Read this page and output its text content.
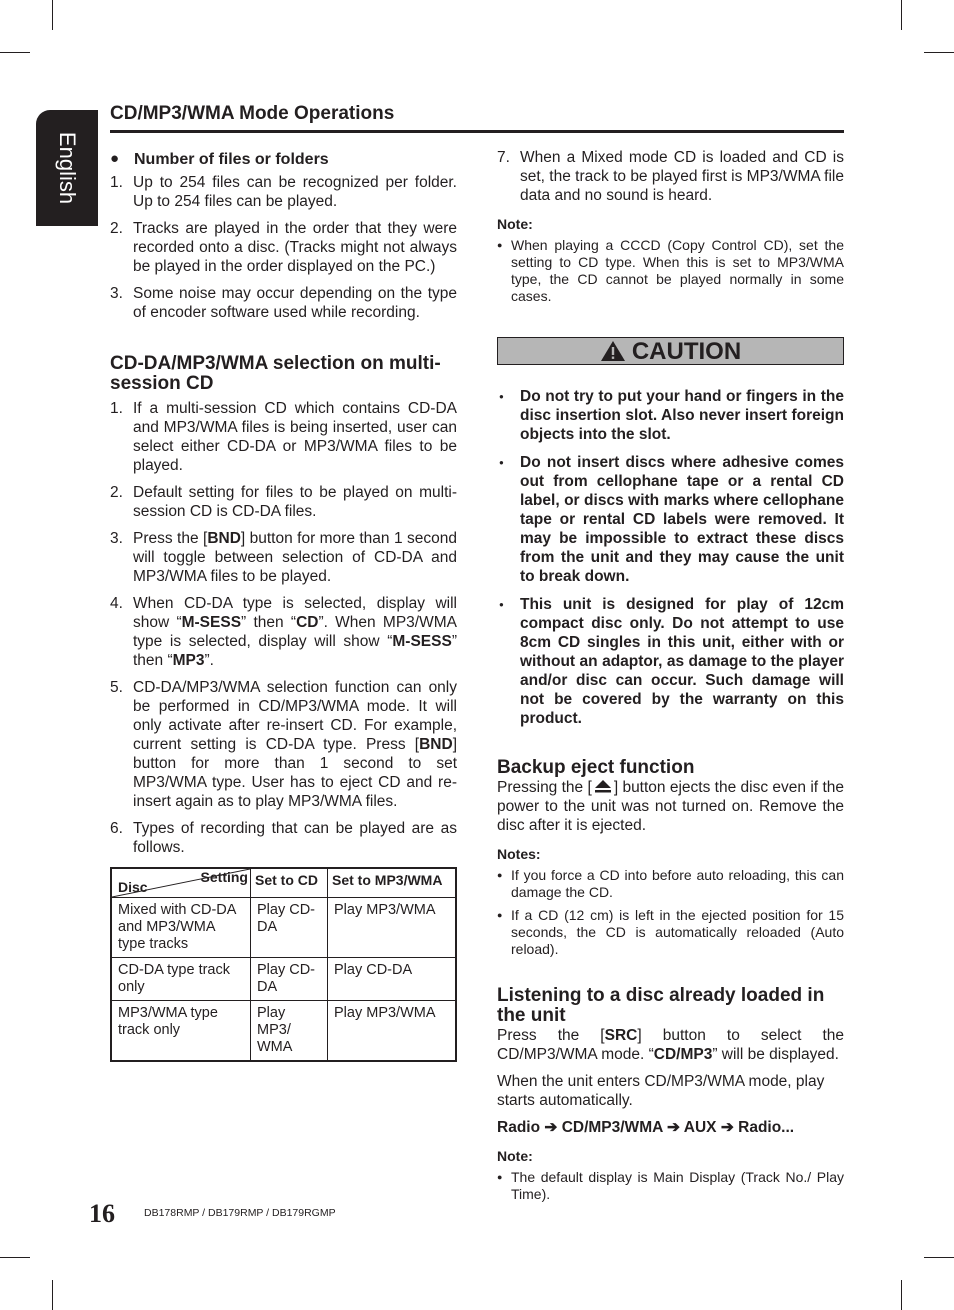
English
CD/MP3/WMA Mode Operations
● Number of files or folders
1. Up to 254 files can be recognized per folder. Up to 254 files can be played.
2. Tracks are played in the order that they were recorded onto a disc. (Tracks might not always be played in the order displayed on the PC.)
3. Some noise may occur depending on the type of encoder software used while recording.
CD-DA/MP3/WMA selection on multi-session CD
1. If a multi-session CD which contains CD-DA and MP3/WMA files is being inserted, user can select either CD-DA or MP3/WMA files to be played.
2. Default setting for files to be played on multi-session CD is CD-DA files.
3. Press the [BND] button for more than 1 second will toggle between selection of CD-DA and MP3/WMA files to be played.
4. When CD-DA type is selected, display will show “M-SESS” then “CD”. When MP3/WMA type is selected, display will show “M-SESS” then “MP3”.
5. CD-DA/MP3/WMA selection function can only be performed in CD/MP3/WMA mode. It will only activate after re-insert CD. For example, current setting is CD-DA type. Press [BND] button for more than 1 second to set MP3/WMA type. User has to eject CD and re-insert again as to play MP3/WMA files.
6. Types of recording that can be played are as follows.
Setting
Disc	Set to CD	Set to MP3/WMA
Mixed with CD-DA and MP3/WMA type tracks	Play CD-DA	Play MP3/WMA
CD-DA type track only	Play CD-DA	Play CD-DA
MP3/WMA type track only	Play MP3/ WMA	Play MP3/WMA
7. When a Mixed mode CD is loaded and CD is set, the track to be played first is MP3/WMA file data and no sound is heard.
Note:
● When playing a CCCD (Copy Control CD), set the setting to CD type. When this is set to MP3/WMA type, the CD cannot be played normally in some cases.
CAUTION
● Do not try to put your hand or fingers in the disc insertion slot. Also never insert foreign objects into the slot.
● Do not insert discs where adhesive comes out from cellophane tape or a rental CD label, or discs with marks where cellophane tape or rental CD labels were removed. It may be impossible to extract these discs from the unit and they may cause the unit to break down.
● This unit is designed for play of 12cm compact disc only. Do not attempt to use 8cm CD singles in this unit, either with or without an adaptor, as damage to the player and/or disc can occur. Such damage will not be covered by the warranty on this product.
Backup eject function
Pressing the [ ] button ejects the disc even if the power to the unit was not turned on. Remove the disc after it is ejected.
Notes:
● If you force a CD into before auto reloading, this can damage the CD.
● If a CD (12 cm) is left in the ejected position for 15 seconds, the CD is automatically reloaded (Auto reload).
Listening to a disc already loaded in the unit
Press the [SRC] button to select the CD/MP3/WMA mode. “CD/MP3” will be displayed.
When the unit enters CD/MP3/WMA mode, play starts automatically.
Radio ➔ CD/MP3/WMA ➔ AUX ➔ Radio...
Note:
● The default display is Main Display (Track No./ Play Time).
16	DB178RMP / DB179RMP / DB179RGMP
